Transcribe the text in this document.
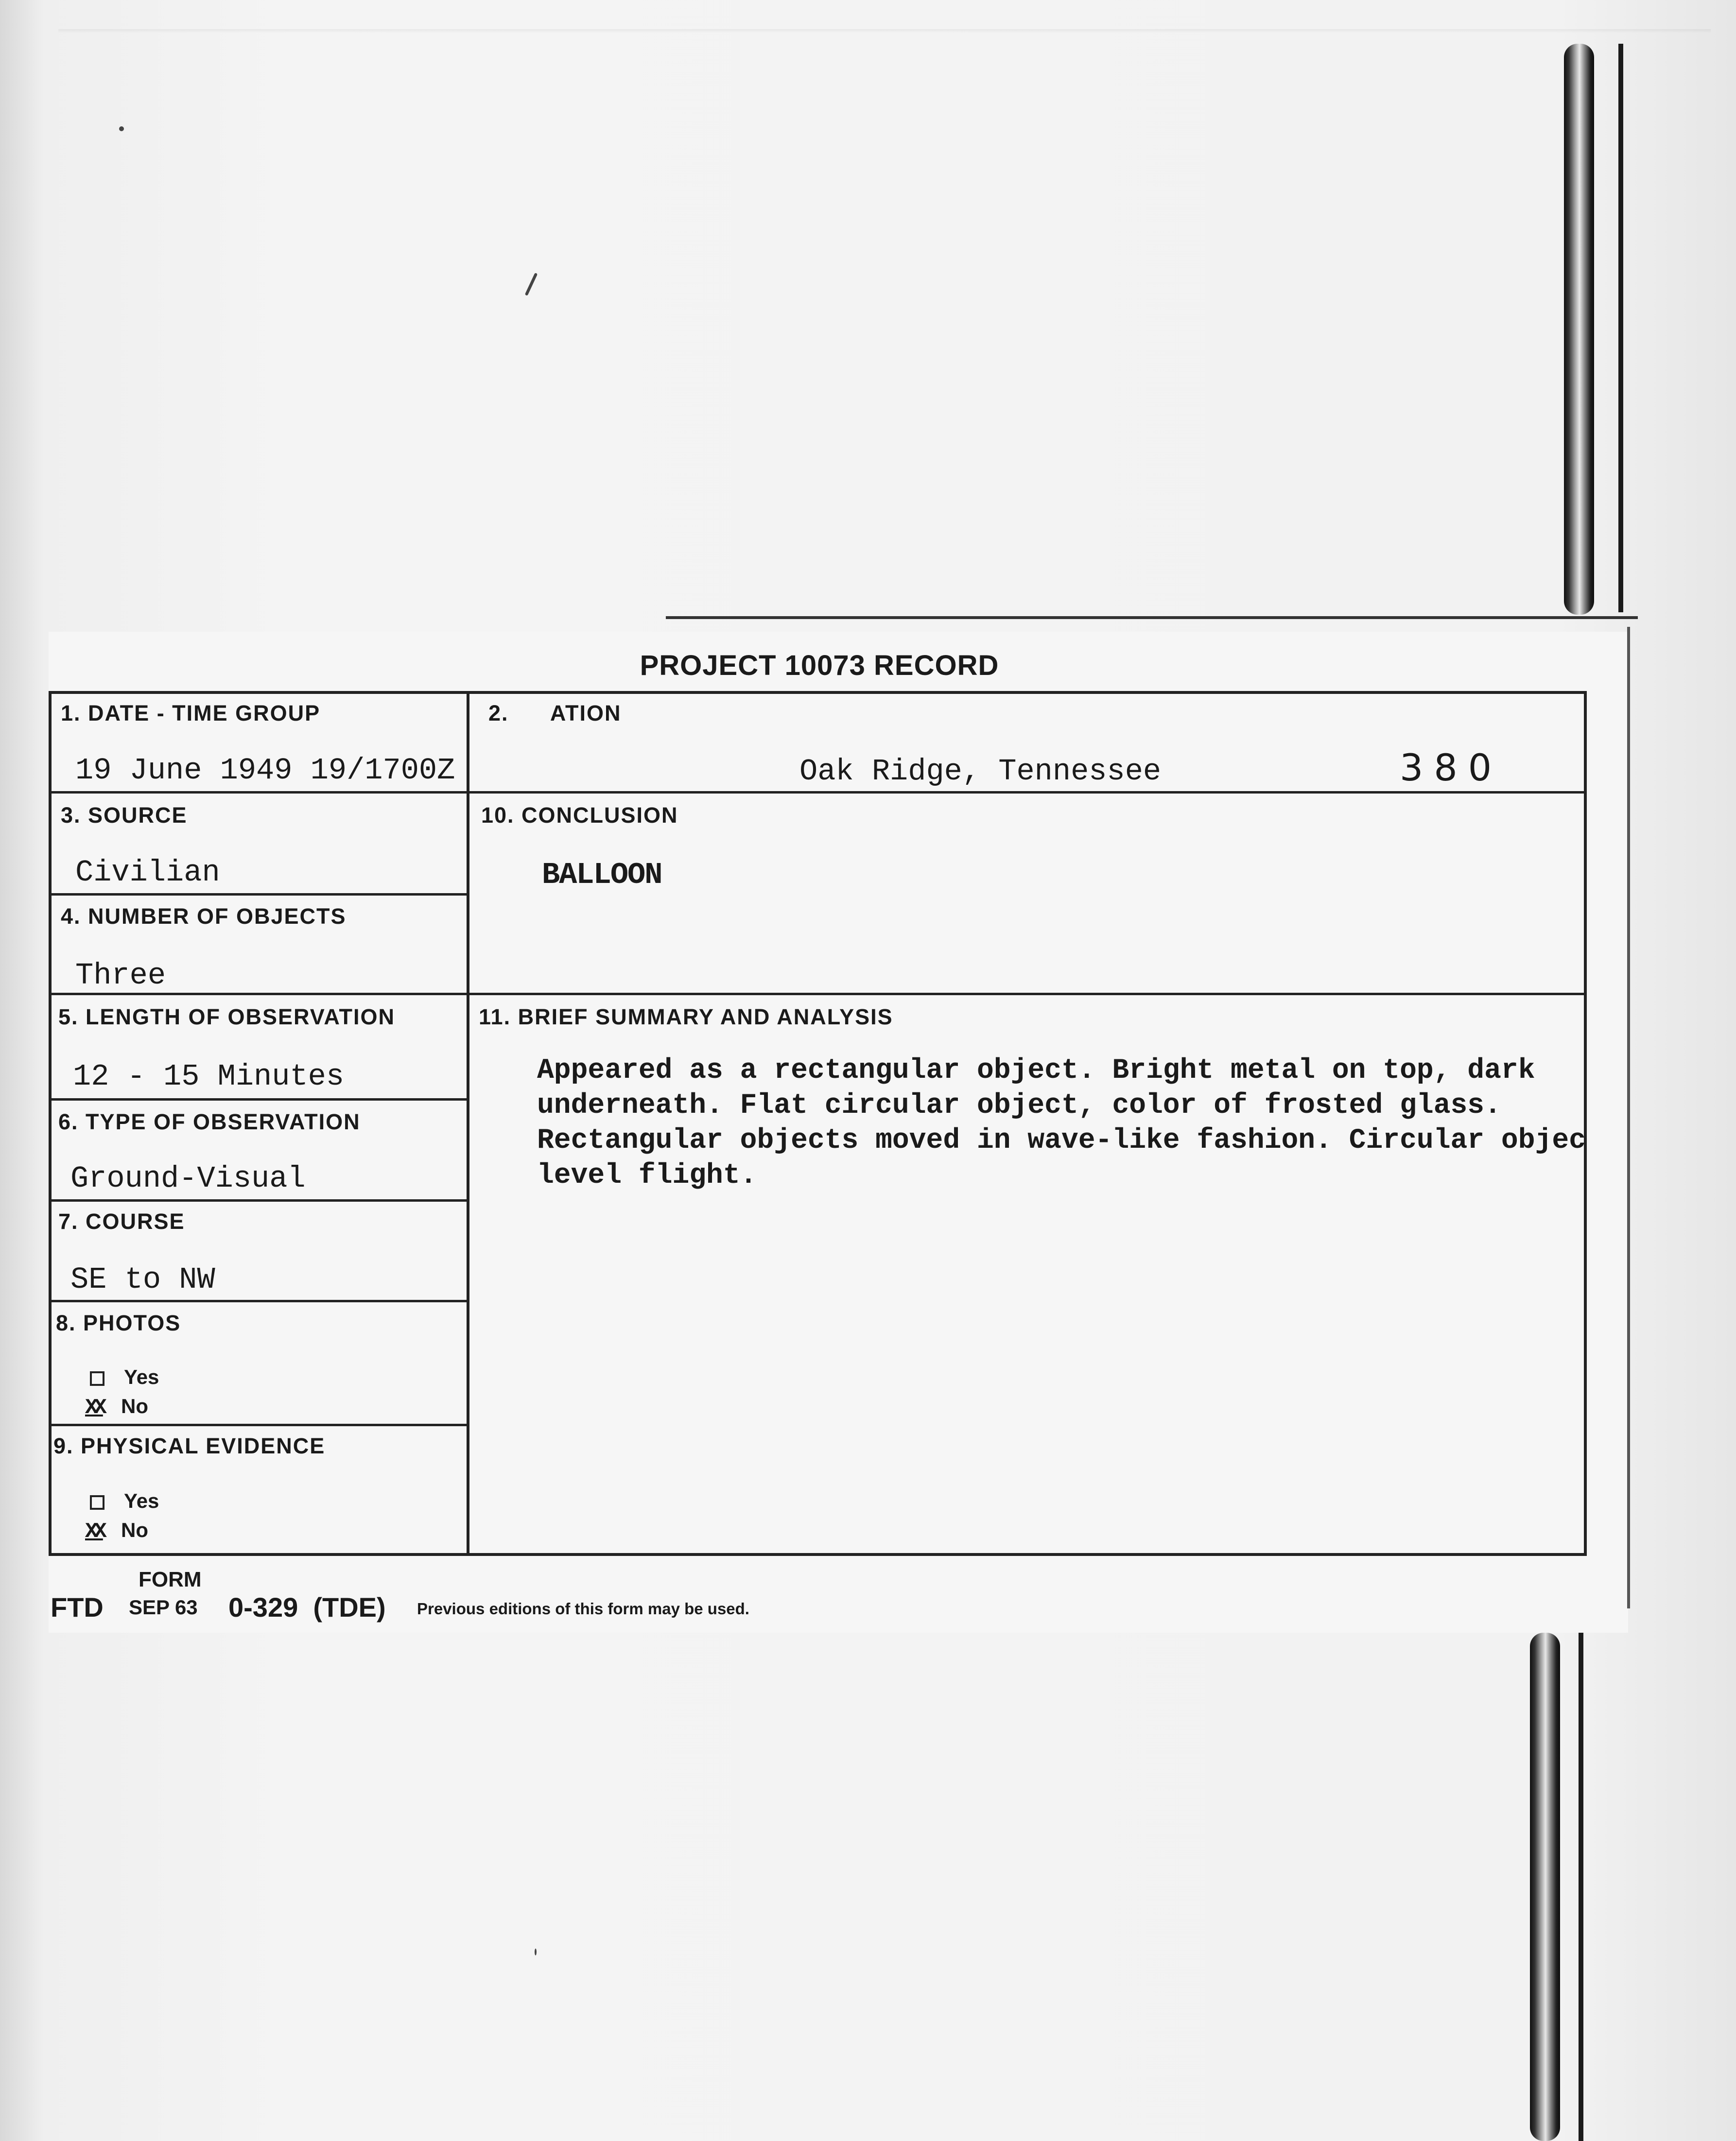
PROJECT 10073 RECORD
1. DATE - TIME GROUP
19 June 1949 19/1700Z
2.      ATION
Oak Ridge, Tennessee	380
3. SOURCE
Civilian
10. CONCLUSION
BALLOON
4. NUMBER OF OBJECTS
Three
5. LENGTH OF OBSERVATION
12 - 15 Minutes
11. BRIEF SUMMARY AND ANALYSIS
Appeared as a rectangular object. Bright metal on top, dark
underneath. Flat circular object, color of frosted glass.
Rectangular objects moved in wave-like fashion. Circular objec
level flight.
6. TYPE OF OBSERVATION
Ground-Visual
7. COURSE
SE to NW
8. PHOTOS
Yes
XX No
9. PHYSICAL EVIDENCE
Yes
XX No
FORM
FTD SEP 63 0-329  (TDE) Previous editions of this form may be used.
